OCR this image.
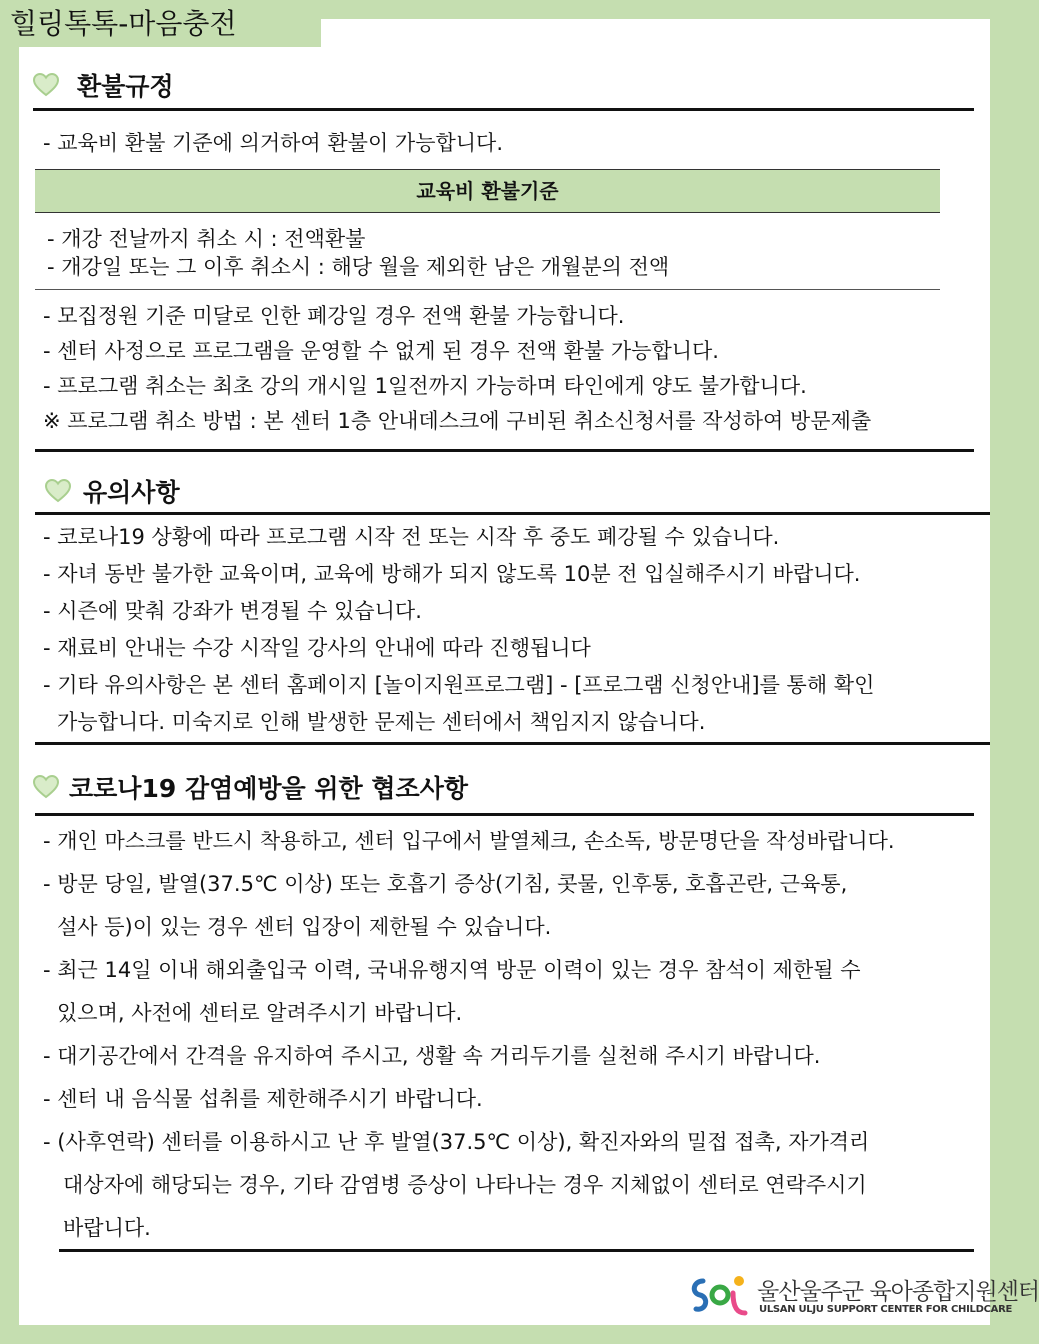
환불규정
- 교육비 환불 기준에 의거하여 환불이 가능합니다.
교육비 환불기준
- 개강 전날까지 취소 시 : 전액환불
- 개강일 또는 그 이후 취소시 : 해당 월을 제외한 남은 개월분의 전액
- 모집정원 기준 미달로 인한 폐강일 경우 전액 환불 가능합니다.
- 센터 사정으로 프로그램을 운영할 수 없게 된 경우 전액 환불 가능합니다.
- 프로그램 취소는 최초 강의 개시일 1일전까지 가능하며 타인에게 양도 불가합니다.
※ 프로그램 취소 방법 : 본 센터 1층 안내데스크에 구비된 취소신청서를 작성하여 방문제출
유의사항
- 코로나19 상황에 따라 프로그램 시작 전 또는 시작 후 중도 폐강될 수 있습니다.
- 자녀 동반 불가한 교육이며, 교육에 방해가 되지 않도록 10분 전 입실해주시기 바랍니다.
- 시즌에 맞춰 강좌가 변경될 수 있습니다.
- 재료비 안내는 수강 시작일 강사의 안내에 따라 진행됩니다
- 기타 유의사항은 본 센터 홈페이지 [놀이지원프로그램] - [프로그램 신청안내]를 통해 확인
가능합니다. 미숙지로 인해 발생한 문제는 센터에서 책임지지 않습니다.
코로나19 감염예방을 위한 협조사항
- 개인 마스크를 반드시 착용하고, 센터 입구에서 발열체크, 손소독, 방문명단을 작성바랍니다.
- 방문 당일, 발열(37.5℃ 이상) 또는 호흡기 증상(기침, 콧물, 인후통, 호흡곤란, 근육통,
설사 등)이 있는 경우 센터 입장이 제한될 수 있습니다.
- 최근 14일 이내 해외출입국 이력, 국내유행지역 방문 이력이 있는 경우 참석이 제한될 수
있으며, 사전에 센터로 알려주시기 바랍니다.
- 대기공간에서 간격을 유지하여 주시고, 생활 속 거리두기를 실천해 주시기 바랍니다.
- 센터 내 음식물 섭취를 제한해주시기 바랍니다.
- (사후연락) 센터를 이용하시고 난 후 발열(37.5℃ 이상), 확진자와의 밀접 접촉, 자가격리
대상자에 해당되는 경우, 기타 감염병 증상이 나타나는 경우 지체없이 센터로 연락주시기
바랍니다.
울산울주군 육아종합지원센터
ULSAN ULJU SUPPORT CENTER FOR CHILDCARE
힐링톡톡-마음충전
